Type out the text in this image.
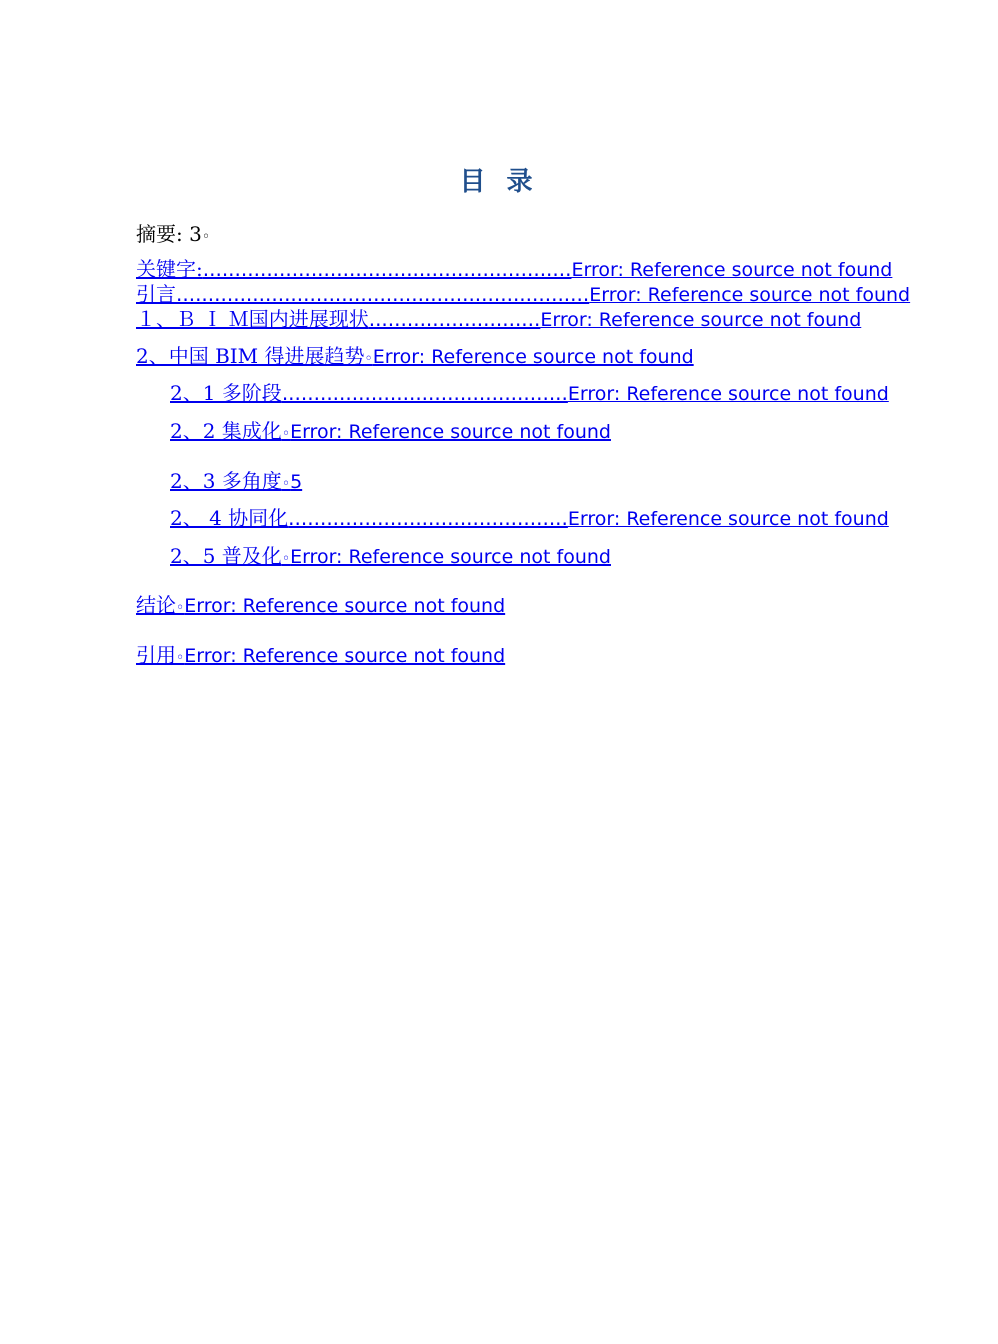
目 录
摘要: 3◦
关键字: .......................................................... Error: Reference source not found
引言 ................................................................. Error: Reference source not found
１、Ｂ Ｉ Ｍ国内进展现状 ........................... Error: Reference source not found
2、中国 BIM 得进展趋势◦Error: Reference source not found
2、1 多阶段 ............................................. Error: Reference source not found
2、2 集成化◦Error: Reference source not found
2、3 多角度◦5
2、 4 协同化 ............................................ Error: Reference source not found
2、5 普及化◦Error: Reference source not found
结论◦Error: Reference source not found
引用◦Error: Reference source not found
